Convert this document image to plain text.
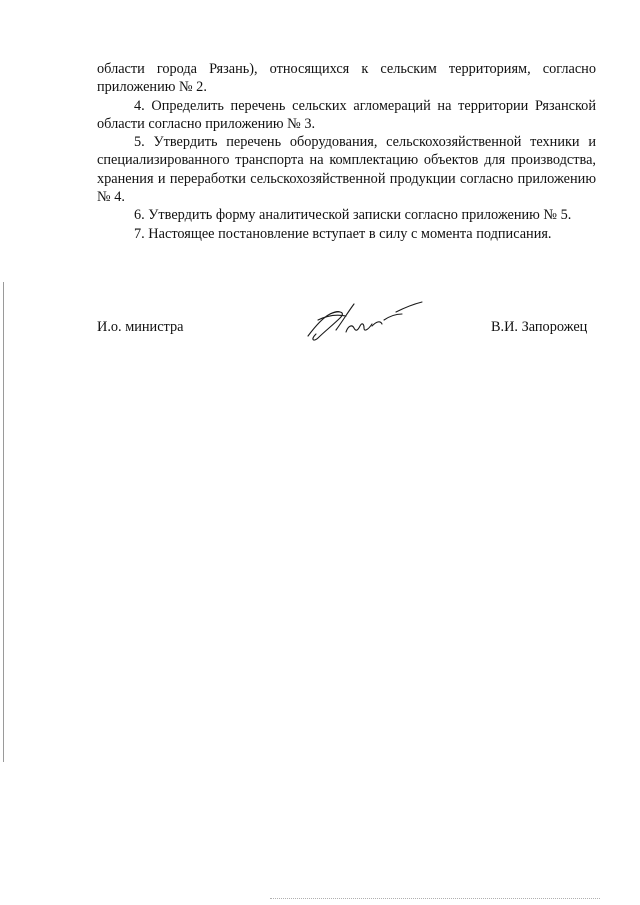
области города Рязань), относящихся к сельским территориям, согласно приложению № 2.

4. Определить перечень сельских агломераций на территории Рязанской области согласно приложению № 3.

5. Утвердить перечень оборудования, сельскохозяйственной техники и специализированного транспорта на комплектацию объектов для производства, хранения и переработки сельскохозяйственной продукции согласно приложению № 4.

6. Утвердить форму аналитической записки согласно приложению № 5.

7. Настоящее постановление вступает в силу с момента подписания.

И.о. министра	В.И. Запорожец
